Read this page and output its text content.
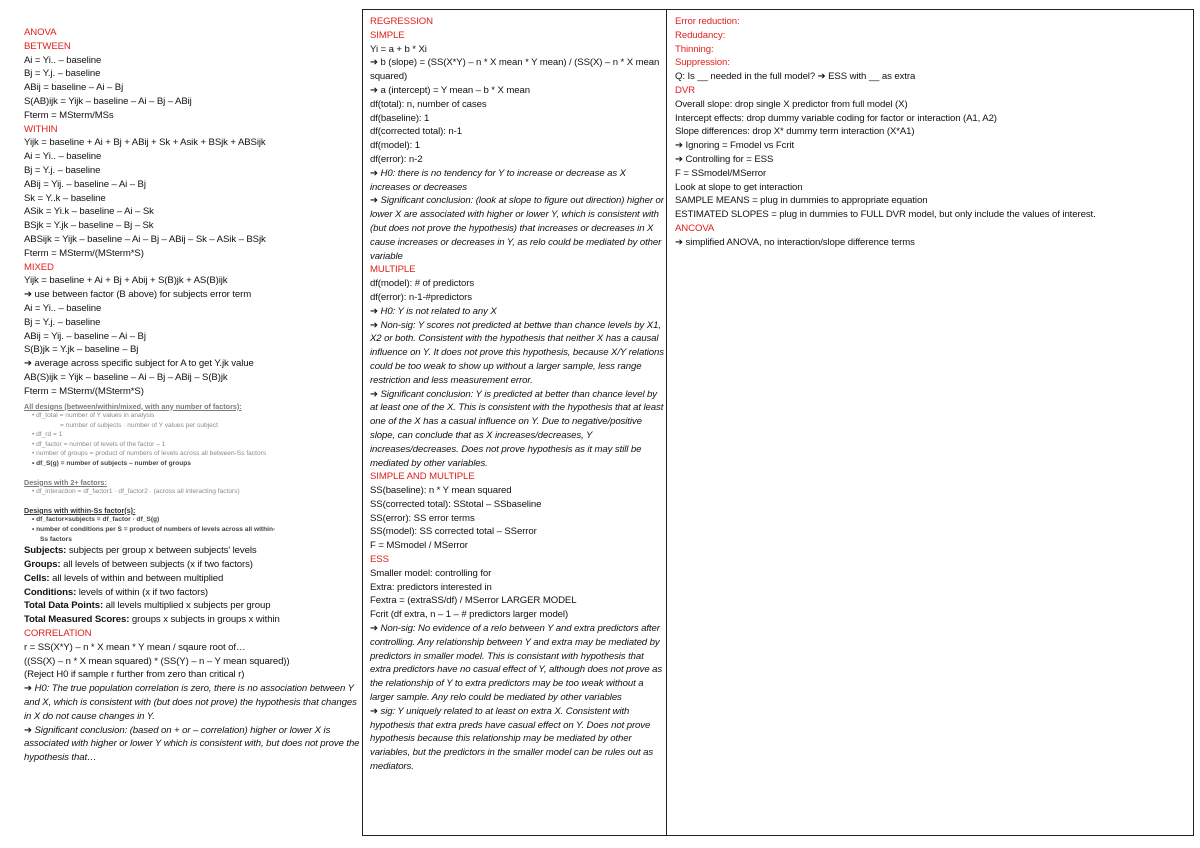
ANOVA
BETWEEN
Ai = Yi.. – baseline
Bj = Y.j. – baseline
ABij = baseline – Ai – Bj
S(AB)ijk = Yijk – baseline – Ai – Bj – ABij
Fterm = MSterm/MSs
WITHIN
Yijk = baseline + Ai + Bj + ABij + Sk + Asik + BSjk + ABSijk
Ai = Yi.. – baseline
Bj = Y.j. – baseline
ABij = Yij. – baseline – Ai – Bj
Sk = Y..k – baseline
ASik = Yi.k – baseline – Ai – Sk
BSjk = Y.jk – baseline – Bj – Sk
ABSijk = Yijk – baseline – Ai – Bj – ABij – Sk – ASik – BSjk
Fterm = MSterm/(MSterm*S)
MIXED
Yijk = baseline + Ai + Bj + Abij + S(B)jk + AS(B)ijk
➔ use between factor (B above) for subjects error term
Ai = Yi.. – baseline
Bj = Y.j. – baseline
ABij = Yij. – baseline – Ai – Bj
S(B)jk = Y.jk – baseline – Bj
➔ average across specific subject for A to get Y.jk value
AB(S)ijk = Yijk – baseline – Ai – Bj – ABij – S(B)jk
Fterm = MSterm/(MSterm*S)
All designs (between/within/mixed, with any number of factors):
• df_total = number of Y values in analysis
= number of subjects · number of Y values per subject
• df_rd = 1
• df_factor = number of levels of the factor – 1
• number of groups = product of numbers of levels across all between-Ss factors
• df_S(g) = number of subjects – number of groups
Designs with 2+ factors:
• df_interaction = df_factor1 · df_factor2 · (across all interacting factors)
Designs with within-Ss factor(s):
• df_factor×subjects = df_factor · df_S(g)
• number of conditions per S = product of numbers of levels across all within-
Ss factors
Subjects: subjects per group x between subjects' levels
Groups: all levels of between subjects (x if two factors)
Cells: all levels of within and between multiplied
Conditions: levels of within (x if two factors)
Total Data Points: all levels multiplied x subjects per group
Total Measured Scores: groups x subjects in groups x within
CORRELATION
r = SS(X*Y) – n * X mean * Y mean / sqaure root of…
((SS(X) – n * X mean squared) * (SS(Y) – n – Y mean squared))
(Reject H0 if sample r further from zero than critical r)
➔ H0: The true population correlation is zero, there is no association between Y and X, which is consistent with (but does not prove) the hypothesis that changes in X do not cause changes in Y.
➔ Significant conclusion: (based on + or – correlation) higher or lower X is associated with higher or lower Y which is consistent with, but does not prove the hypothesis that…
REGRESSION
SIMPLE
Yi = a + b * Xi
➔ b (slope) = (SS(X*Y) – n * X mean * Y mean) / (SS(X) – n * X mean squared)
➔ a (intercept) = Y mean – b * X mean
df(total): n, number of cases
df(baseline): 1
df(corrected total): n-1
df(model): 1
df(error): n-2
➔ H0: there is no tendency for Y to increase or decrease as X increases or decreases
➔ Significant conclusion: (look at slope to figure out direction) higher or lower X are associated with higher or lower Y, which is consistent with (but does not prove the hypothesis) that increases or decreases in X cause increases or decreases in Y, as relo could be mediated by other variable
MULTIPLE
df(model): # of predictors
df(error): n-1-#predictors
➔ H0: Y is not related to any X
➔ Non-sig: Y scores not predicted at bettwe than chance levels by X1, X2 or both. Consistent with the hypothesis that neither X has a causal influence on Y. It does not prove this hypothesis, because X/Y relations could be too weak to show up without a larger sample, less range restriction and less measurement error.
➔ Significant conclusion: Y is predicted at better than chance level by at least one of the X. This is consistent with the hypothesis that at least one of the X has a casual influence on Y. Due to negative/positive slope, can conclude that as X increases/decreases, Y increases/decreases. Does not prove hypothesis as it may still be mediated by other variables.
SIMPLE AND MULTIPLE
SS(baseline): n * Y mean squared
SS(corrected total): SStotal – SSbaseline
SS(error): SS error terms
SS(model): SS corrected total – SSerror
F = MSmodel / MSerror
ESS
Smaller model: controlling for
Extra: predictors interested in
Fextra = (extraSS/df) / MSerror LARGER MODEL
Fcrit (df extra, n – 1 – # predictors larger model)
➔ Non-sig: No evidence of a relo between Y and extra predictors after controlling. Any relationship between Y and extra may be mediated by predictors in smaller model. This is consistant with hypothesis that extra predictors have no casual effect of Y, although does not prove as the relationship of Y to extra predictors may be too weak without a larger sample. Any relo could be mediated by other variables
➔ sig: Y uniquely related to at least on extra X. Consistent with hypothesis that extra preds have casual effect on Y. Does not prove hypothesis because this relationship may be mediated by other variables, but the predictors in the smaller model can be rules out as mediators.
Error reduction:
Redudancy:
Thinning:
Suppression:
Q: Is __ needed in the full model? ➔ ESS with __ as extra
DVR
Overall slope: drop single X predictor from full model (X)
Intercept effects: drop dummy variable coding for factor or interaction (A1, A2)
Slope differences: drop X* dummy term interaction (X*A1)
➔ Ignoring = Fmodel vs Fcrit
➔ Controlling for = ESS
F = SSmodel/MSerror
Look at slope to get interaction
SAMPLE MEANS = plug in dummies to appropriate equation
ESTIMATED SLOPES = plug in dummies to FULL DVR model, but only include the values of interest.
ANCOVA
➔ simplified ANOVA, no interaction/slope difference terms
